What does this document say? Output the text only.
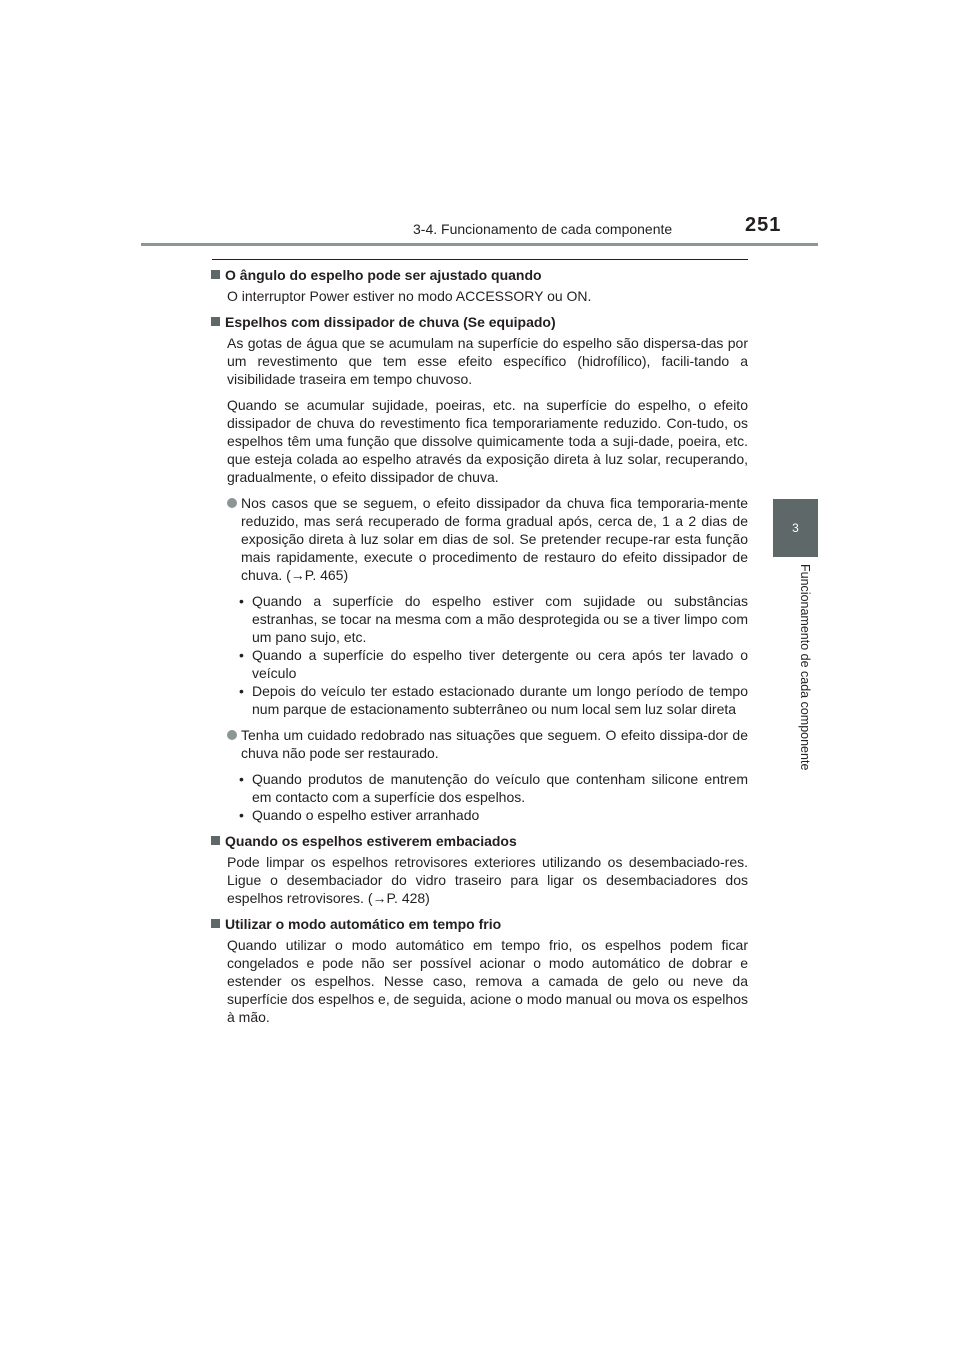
3-4. Funcionamento de cada componente	251
3
Funcionamento de cada componente
O ângulo do espelho pode ser ajustado quando
O interruptor Power estiver no modo ACCESSORY ou ON.
Espelhos com dissipador de chuva (Se equipado)
As gotas de água que se acumulam na superfície do espelho são dispersa-das por um revestimento que tem esse efeito específico (hidrofílico), facili-tando a visibilidade traseira em tempo chuvoso.
Quando se acumular sujidade, poeiras, etc. na superfície do espelho, o efeito dissipador de chuva do revestimento fica temporariamente reduzido. Con-tudo, os espelhos têm uma função que dissolve quimicamente toda a suji-dade, poeira, etc. que esteja colada ao espelho através da exposição direta à luz solar, recuperando, gradualmente, o efeito dissipador de chuva.
Nos casos que se seguem, o efeito dissipador da chuva fica temporaria-mente reduzido, mas será recuperado de forma gradual após, cerca de, 1 a 2 dias de exposição direta à luz solar em dias de sol. Se pretender recupe-rar esta função mais rapidamente, execute o procedimento de restauro do efeito dissipador de chuva. (→P. 465)
• Quando a superfície do espelho estiver com sujidade ou substâncias estranhas, se tocar na mesma com a mão desprotegida ou se a tiver limpo com um pano sujo, etc.
• Quando a superfície do espelho tiver detergente ou cera após ter lavado o veículo
• Depois do veículo ter estado estacionado durante um longo período de tempo num parque de estacionamento subterrâneo ou num local sem luz solar direta
Tenha um cuidado redobrado nas situações que seguem. O efeito dissipa-dor de chuva não pode ser restaurado.
• Quando produtos de manutenção do veículo que contenham silicone entrem em contacto com a superfície dos espelhos.
• Quando o espelho estiver arranhado
Quando os espelhos estiverem embaciados
Pode limpar os espelhos retrovisores exteriores utilizando os desembaciado-res. Ligue o desembaciador do vidro traseiro para ligar os desembaciadores dos espelhos retrovisores. (→P. 428)
Utilizar o modo automático em tempo frio
Quando utilizar o modo automático em tempo frio, os espelhos podem ficar congelados e pode não ser possível acionar o modo automático de dobrar e estender os espelhos. Nesse caso, remova a camada de gelo ou neve da superfície dos espelhos e, de seguida, acione o modo manual ou mova os espelhos à mão.
